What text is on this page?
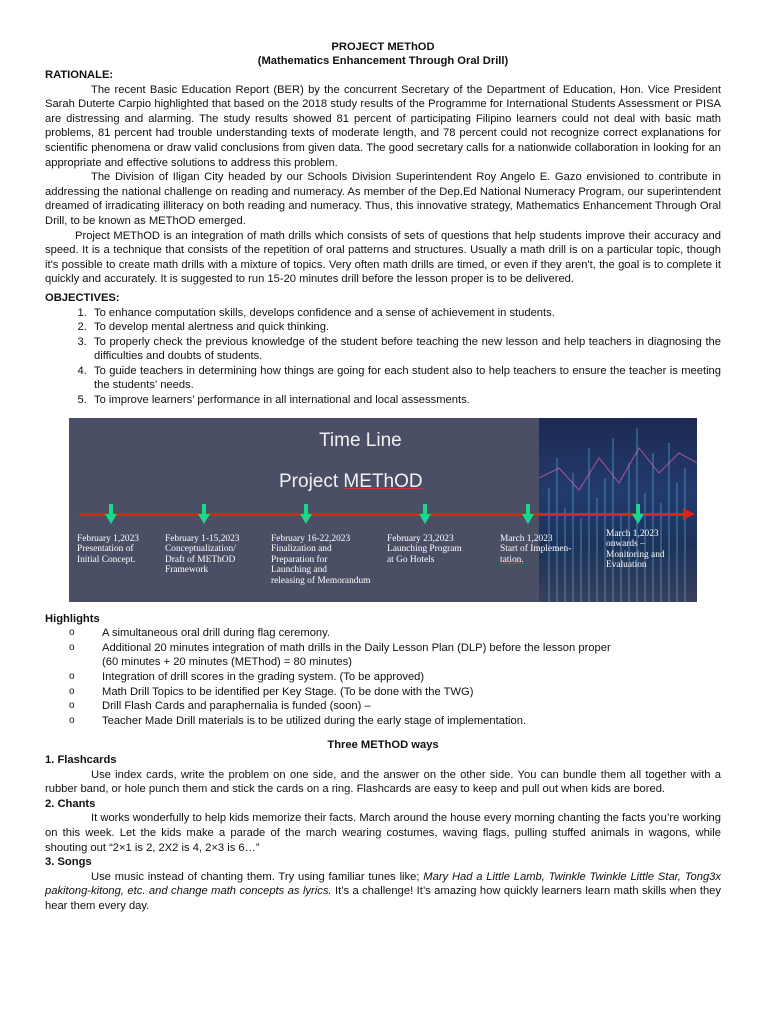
PROJECT METhOD
(Mathematics Enhancement Through Oral Drill)
RATIONALE:

The recent Basic Education Report (BER) by the concurrent Secretary of the Department of Education, Hon. Vice President Sarah Duterte Carpio highlighted that based on the 2018 study results of the Programme for International Students Assessment or PISA are distressing and alarming. The study results showed 81 percent of participating Filipino learners could not deal with basic math problems, 81 percent had trouble understanding texts of moderate length, and 78 percent could not recognize correct explanations for scientific phenomena or draw valid conclusions from given data. The good secretary calls for a nationwide collaboration in looking for an appropriate and effective solutions to address this problem.

The Division of Iligan City headed by our Schools Division Superintendent Roy Angelo E. Gazo envisioned to contribute in addressing the national challenge on reading and numeracy. As member of the Dep.Ed National Numeracy Program, our superintendent dreamed of irradicating illiteracy on both reading and numeracy. Thus, this innovative strategy, Mathematics Enhancement Through Oral Drill, to be known as METhOD emerged.

Project METhOD is an integration of math drills which consists of sets of questions that help students improve their accuracy and speed. It is a technique that consists of the repetition of oral patterns and structures. Usually a math drill is on a particular topic, though it's possible to create math drills with a mixture of topics. Very often math drills are timed, or even if they aren't, the goal is to complete it quickly and accurately. It is suggested to run 15-20 minutes drill before the lesson proper is to be delivered.

OBJECTIVES:
1. To enhance computation skills, develops confidence and a sense of achievement in students.
2. To develop mental alertness and quick thinking.
3. To properly check the previous knowledge of the student before teaching the new lesson and help teachers in diagnosing the difficulties and doubts of students.
4. To guide teachers in determining how things are going for each student also to help teachers to ensure the teacher is meeting the students' needs.
5. To improve learners’ performance in all international and local assessments.
Time Line
Project METhOD
February 1,2023
Presentation of
Initial Concept.
February 1-15,2023
Conceptualization/
Draft of METhOD
Framework
February 16-22,2023
Finalization and
Preparation for
Launching and
releasing of Memorandum
February 23,2023
Launching Program
at Go Hotels
March 1,2023
Start of Implemen-
tation.
March 1,2023
onwards –
Monitoring and
Evaluation
Highlights
o A simultaneous oral drill during flag ceremony.
o Additional 20 minutes integration of math drills in the Daily Lesson Plan (DLP) before the lesson proper
(60 minutes + 20 minutes (METhod) = 80 minutes)
o Integration of drill scores in the grading system. (To be approved)
o Math Drill Topics to be identified per Key Stage. (To be done with the TWG)
o Drill Flash Cards and paraphernalia is funded (soon) –
o Teacher Made Drill materials is to be utilized during the early stage of implementation.
Three METhOD ways
1. Flashcards

Use index cards, write the problem on one side, and the answer on the other side. You can bundle them all together with a rubber band, or hole punch them and stick the cards on a ring. Flashcards are easy to keep and pull out when kids are bored.

2. Chants

It works wonderfully to help kids memorize their facts. March around the house every morning chanting the facts you’re working on this week. Let the kids make a parade of the march wearing costumes, waving flags, pulling stuffed animals in wagons, while shouting out “2×1 is 2, 2X2 is 4, 2×3 is 6…”

3. Songs

Use music instead of chanting them. Try using familiar tunes like; Mary Had a Little Lamb, Twinkle Twinkle Little Star, Tong3x pakitong-kitong, etc. and change math concepts as lyrics. It’s a challenge! It’s amazing how quickly learners learn math skills when they hear them every day.
